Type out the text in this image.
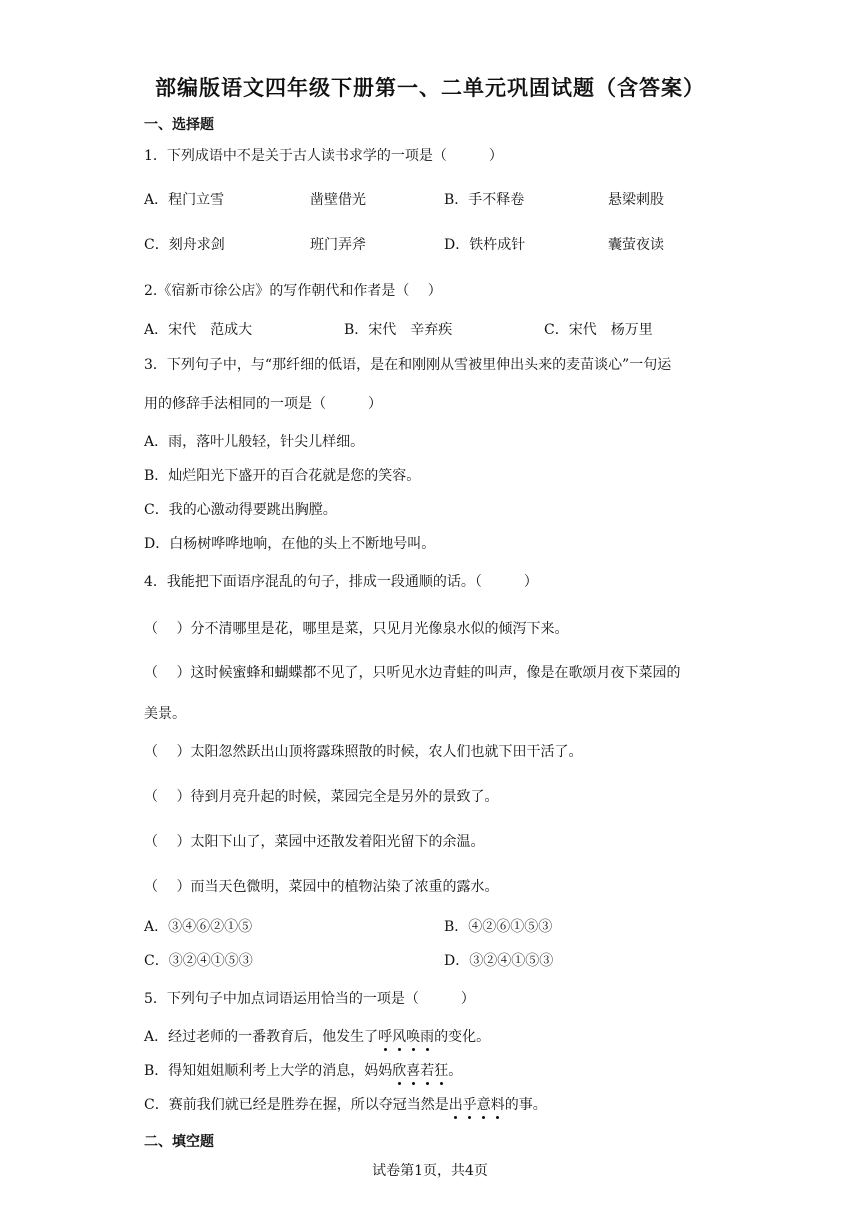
部编版语文四年级下册第一、二单元巩固试题（含答案）
一、选择题
1．下列成语中不是关于古人读书求学的一项是（　　　）
A．程门立雪	凿壁借光	B．手不释卷	悬梁刺股
C．刻舟求剑	班门弄斧	D．铁杵成针	囊萤夜读
2.《宿新市徐公店》的写作朝代和作者是（　 ）
A．宋代　范成大	B．宋代　辛弃疾	C．宋代　杨万里
3．下列句子中，与“那纤细的低语，是在和刚刚从雪被里伸出头来的麦苗谈心”一句运
用的修辞手法相同的一项是（　　　）
A．雨，落叶儿般轻，针尖儿样细。
B．灿烂阳光下盛开的百合花就是您的笑容。
C．我的心激动得要跳出胸膛。
D．白杨树哗哗地响，在他的头上不断地号叫。
4．我能把下面语序混乱的句子，排成一段通顺的话。（　　　）
（　 ）分不清哪里是花，哪里是菜，只见月光像泉水似的倾泻下来。
（　 ）这时候蜜蜂和蝴蝶都不见了，只听见水边青蛙的叫声，像是在歌颂月夜下菜园的
美景。
（　 ）太阳忽然跃出山顶将露珠照散的时候，农人们也就下田干活了。
（　 ）待到月亮升起的时候，菜园完全是另外的景致了。
（　 ）太阳下山了，菜园中还散发着阳光留下的余温。
（　 ）而当天色微明，菜园中的植物沾染了浓重的露水。
A．③④⑥②①⑤	B．④②⑥①⑤③
C．③②④①⑤③	D．③②④①⑤③
5．下列句子中加点词语运用恰当的一项是（　　　）
A．经过老师的一番教育后，他发生了呼风唤雨的变化。
B．得知姐姐顺利考上大学的消息，妈妈欣喜若狂。
C．赛前我们就已经是胜券在握，所以夺冠当然是出乎意料的事。
二、填空题
试卷第1页，共4页
